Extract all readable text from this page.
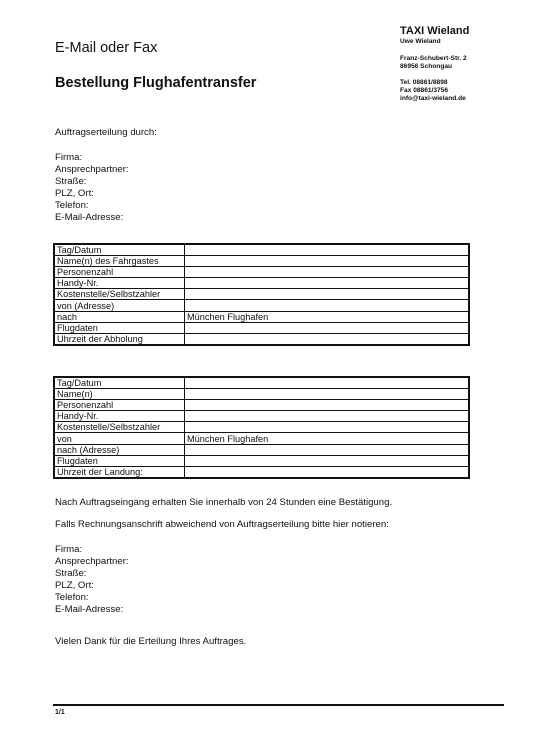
E-Mail oder Fax
Bestellung Flughafentransfer
TAXI Wieland
Uwe Wieland
Franz-Schubert-Str. 2
86956 Schongau
Tel. 08861/8898
Fax 08861/3756
info@taxi-wieland.de
Auftragserteilung durch:
Firma:
Ansprechpartner:
Straße:
PLZ, Ort:
Telefon:
E-Mail-Adresse:
Tag/Datum	
Name(n) des Fahrgastes	
Personenzahl	
Handy-Nr.	
Kostenstelle/Selbstzahler	
von (Adresse)	
nach	München Flughafen
Flugdaten	
Uhrzeit der Abholung	
Tag/Datum	
Name(n)	
Personenzahl	
Handy-Nr.	
Kostenstelle/Selbstzahler	
von	München Flughafen
nach (Adresse)	
Flugdaten	
Uhrzeit der Landung:	
Nach Auftragseingang erhalten Sie innerhalb von 24 Stunden eine Bestätigung.
Falls Rechnungsanschrift abweichend von Auftragserteilung bitte hier notieren:
Firma:
Ansprechpartner:
Straße:
PLZ, Ort:
Telefon:
E-Mail-Adresse:
Vielen Dank für die Erteilung Ihres Auftrages.
1/1
